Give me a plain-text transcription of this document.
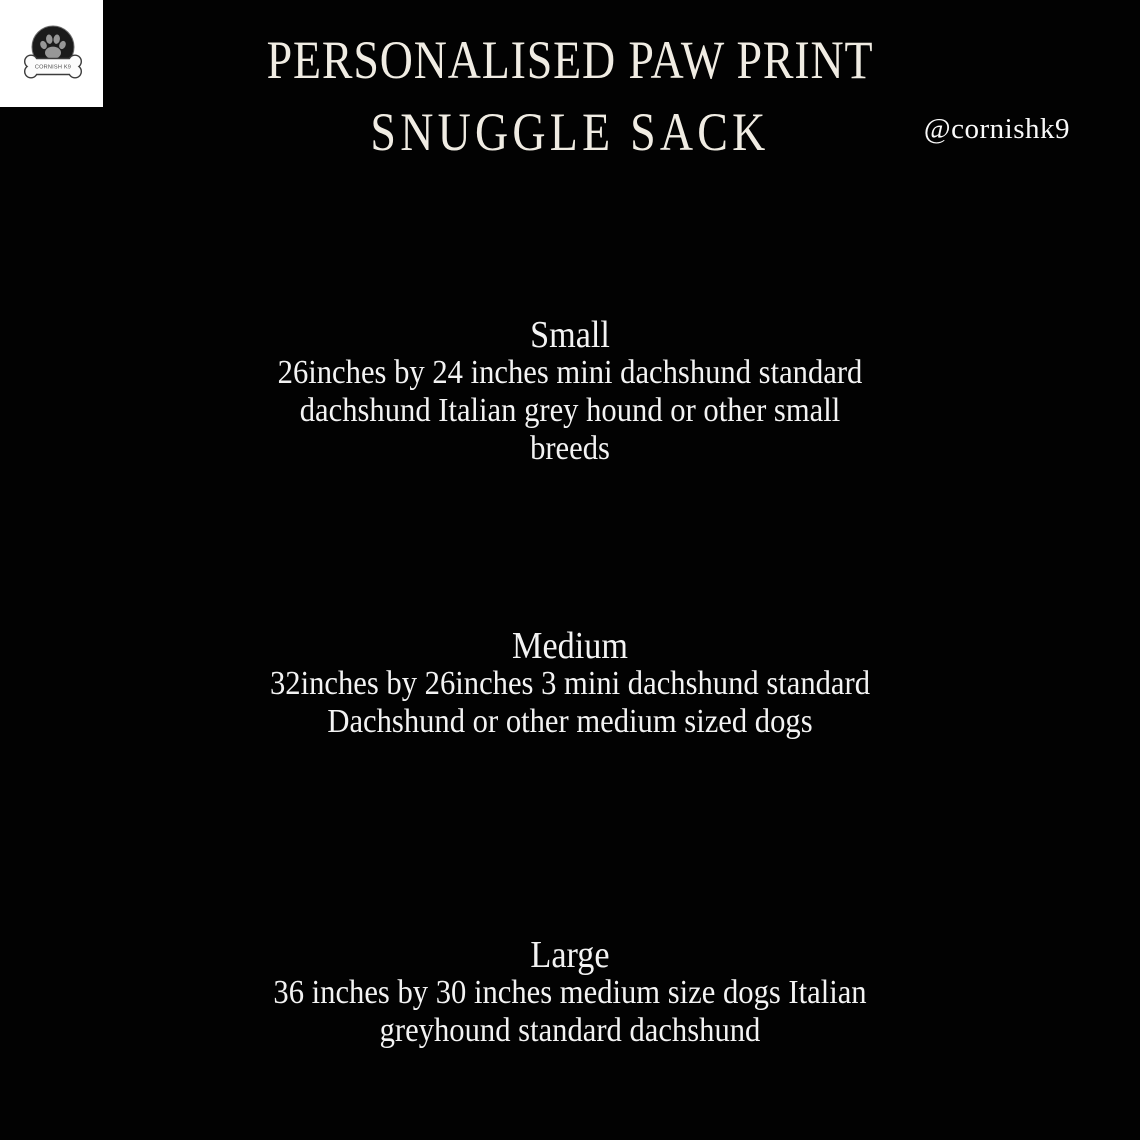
CORNISH K9	PERSONALISED PAW PRINT
SNUGGLE SACK	@cornishk9
Small
26inches by 24 inches mini dachshund standard
dachshund Italian grey hound or other small
breeds
Medium
32inches by 26inches 3 mini dachshund standard
Dachshund or other medium sized dogs
Large
36 inches by 30 inches medium size dogs Italian
greyhound standard dachshund
